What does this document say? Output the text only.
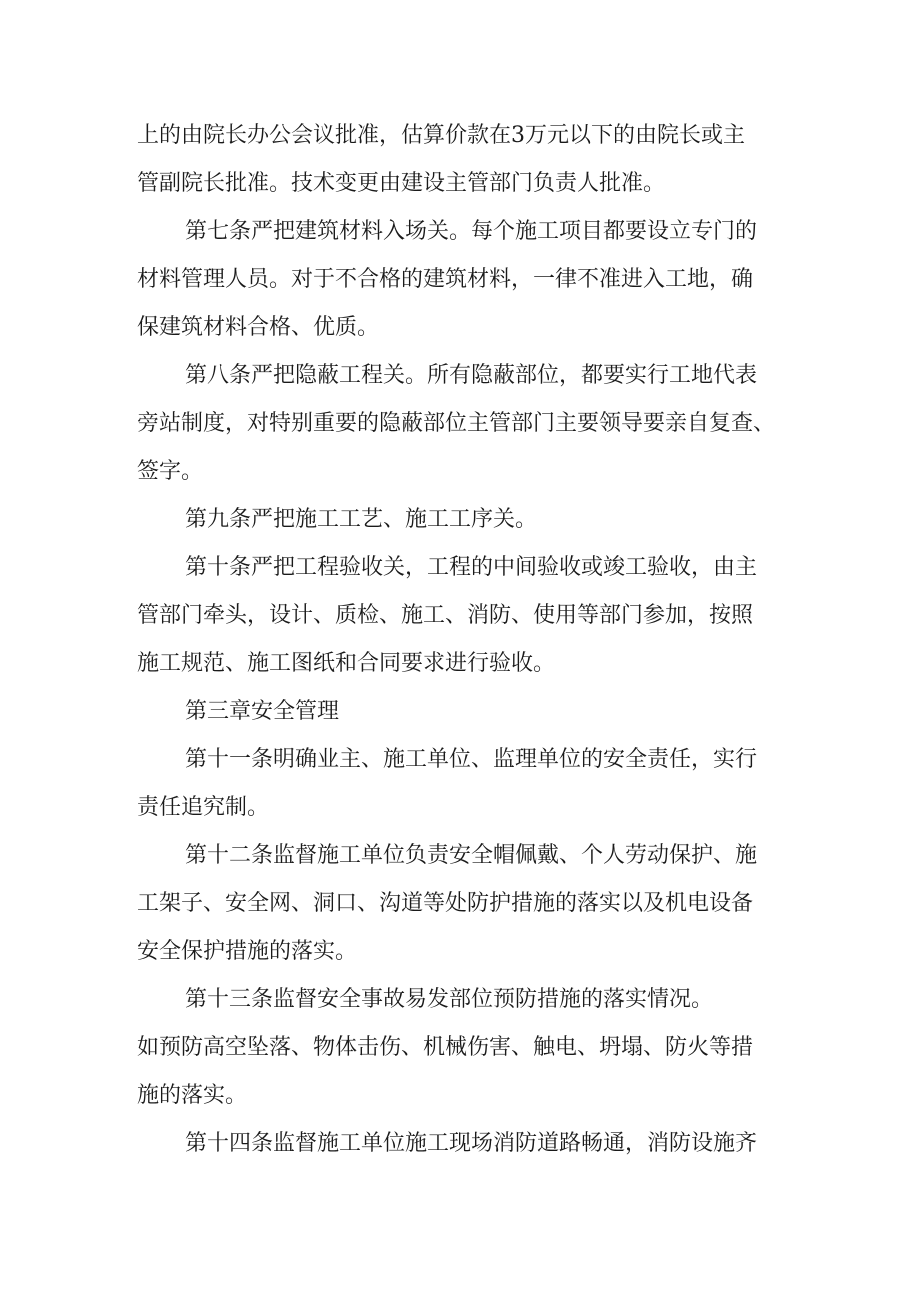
上的由院长办公会议批准，估算价款在3万元以下的由院长或主
管副院长批准。技术变更由建设主管部门负责人批准。
第七条严把建筑材料入场关。每个施工项目都要设立专门的
材料管理人员。对于不合格的建筑材料，一律不准进入工地，确
保建筑材料合格、优质。
第八条严把隐蔽工程关。所有隐蔽部位，都要实行工地代表
旁站制度，对特别重要的隐蔽部位主管部门主要领导要亲自复查、
签字。
第九条严把施工工艺、施工工序关。
第十条严把工程验收关，工程的中间验收或竣工验收，由主
管部门牵头，设计、质检、施工、消防、使用等部门参加，按照
施工规范、施工图纸和合同要求进行验收。
第三章安全管理
第十一条明确业主、施工单位、监理单位的安全责任，实行
责任追究制。
第十二条监督施工单位负责安全帽佩戴、个人劳动保护、施
工架子、安全网、洞口、沟道等处防护措施的落实以及机电设备
安全保护措施的落实。
第十三条监督安全事故易发部位预防措施的落实情况。
如预防高空坠落、物体击伤、机械伤害、触电、坍塌、防火等措
施的落实。
第十四条监督施工单位施工现场消防道路畅通，消防设施齐
